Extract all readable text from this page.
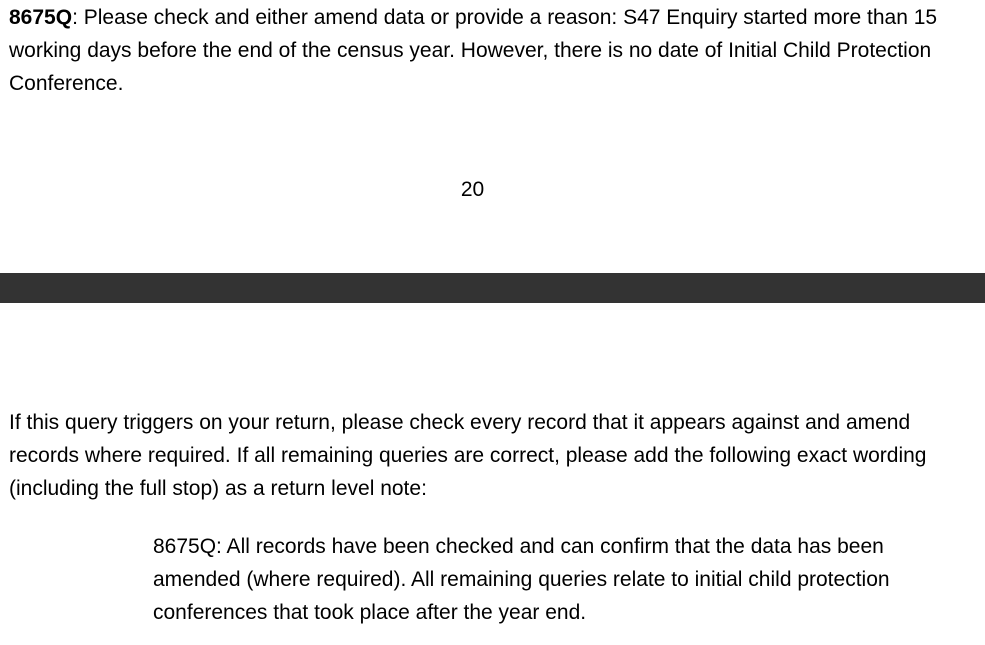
8675Q: Please check and either amend data or provide a reason: S47 Enquiry started more than 15 working days before the end of the census year. However, there is no date of Initial Child Protection Conference.

20

If this query triggers on your return, please check every record that it appears against and amend records where required. If all remaining queries are correct, please add the following exact wording (including the full stop) as a return level note:

8675Q: All records have been checked and can confirm that the data has been amended (where required). All remaining queries relate to initial child protection conferences that took place after the year end.
